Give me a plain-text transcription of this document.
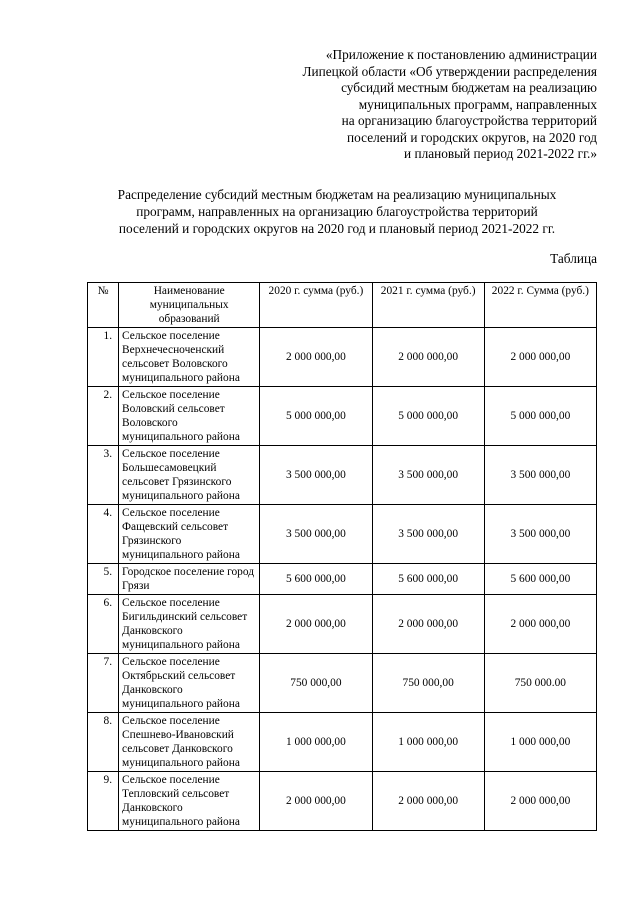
«Приложение к постановлению администрации
Липецкой области «Об утверждении распределения
субсидий местным бюджетам на реализацию
муниципальных программ, направленных
на организацию благоустройства территорий
поселений и городских округов, на 2020 год
и плановый период 2021-2022 гг.»
Распределение субсидий местным бюджетам на реализацию муниципальных
программ, направленных на организацию благоустройства территорий
поселений и городских округов на 2020 год и плановый период 2021-2022 гг.
Таблица
№	Наименование муниципальных образований	2020 г. сумма (руб.)	2021 г. сумма (руб.)	2022 г. Сумма (руб.)
1.	Сельское поселение Верхнечесноченский сельсовет Воловского муниципального района	2 000 000,00	2 000 000,00	2 000 000,00
2.	Сельское поселение Воловский сельсовет Воловского муниципального района	5 000 000,00	5 000 000,00	5 000 000,00
3.	Сельское поселение Большесамовецкий сельсовет Грязинского муниципального района	3 500 000,00	3 500 000,00	3 500 000,00
4.	Сельское поселение Фащевский сельсовет Грязинского муниципального района	3 500 000,00	3 500 000,00	3 500 000,00
5.	Городское поселение город Грязи	5 600 000,00	5 600 000,00	5 600 000,00
6.	Сельское поселение Бигильдинский сельсовет Данковского муниципального района	2 000 000,00	2 000 000,00	2 000 000,00
7.	Сельское поселение Октябрьский сельсовет Данковского муниципального района	750 000,00	750 000,00	750 000.00
8.	Сельское поселение Спешнево-Ивановский сельсовет Данковского муниципального района	1 000 000,00	1 000 000,00	1 000 000,00
9.	Сельское поселение Тепловский сельсовет Данковского муниципального района	2 000 000,00	2 000 000,00	2 000 000,00
